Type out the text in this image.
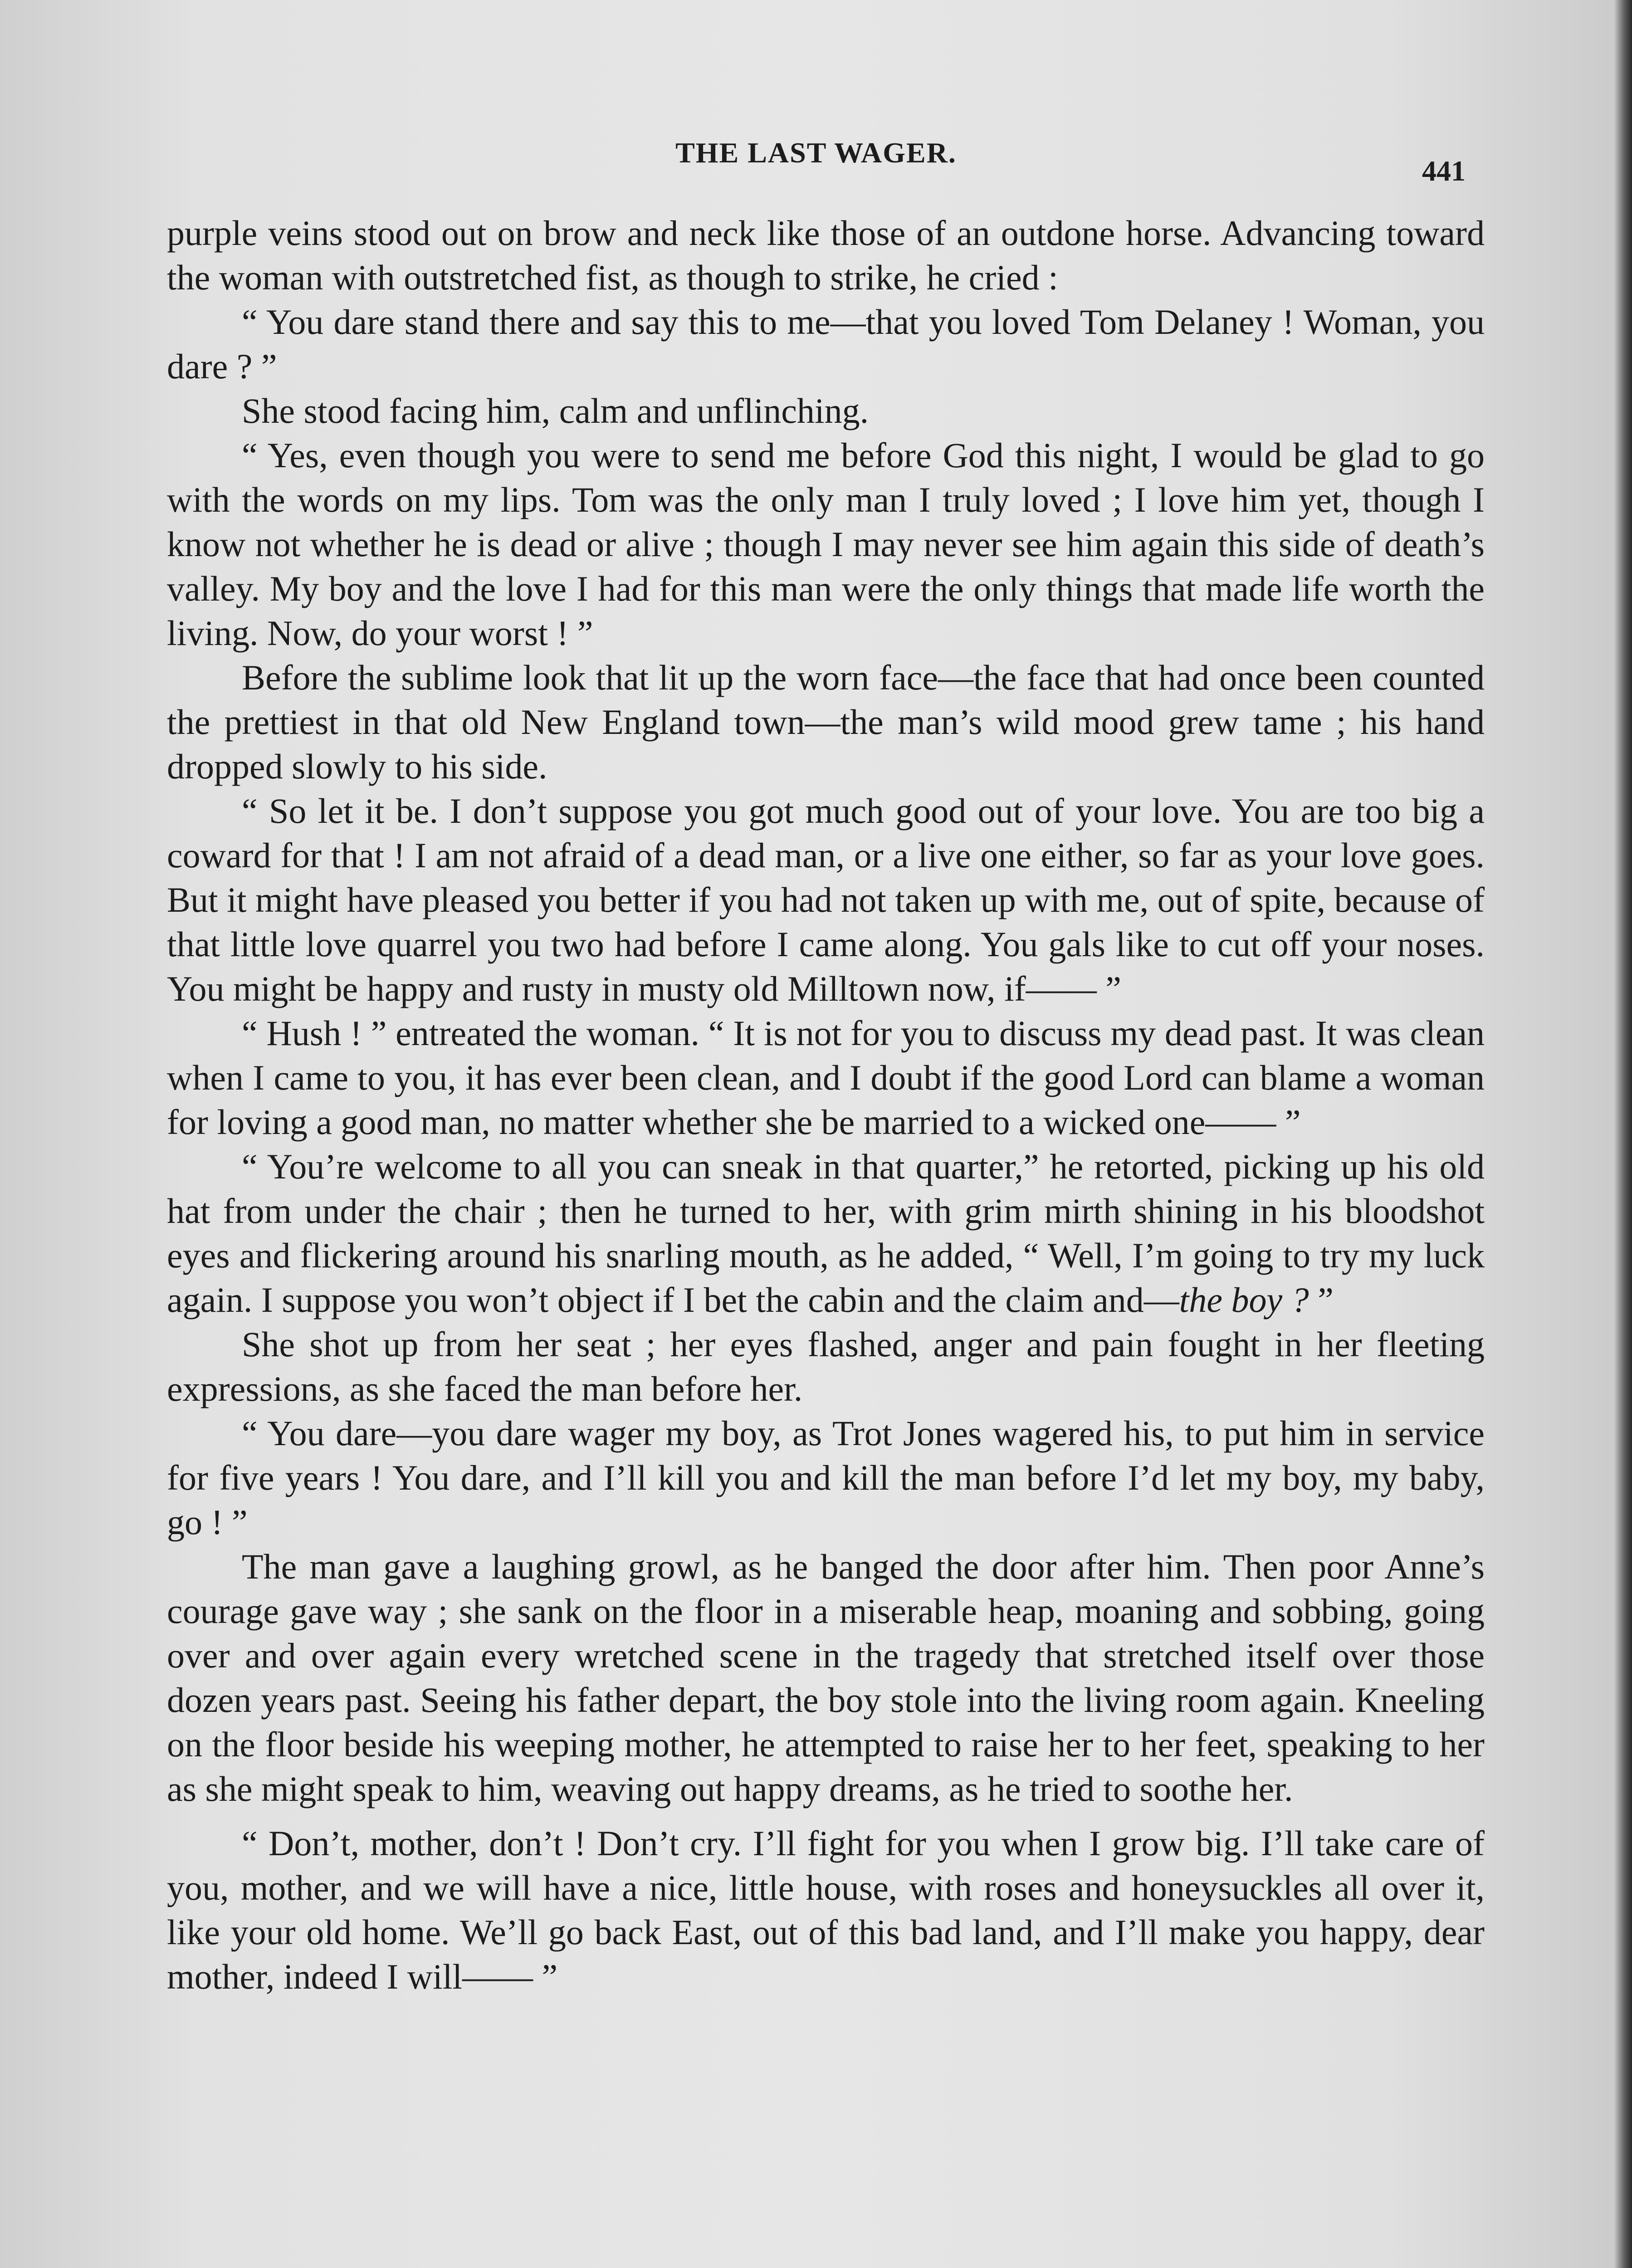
THE LAST WAGER.
441

purple veins stood out on brow and neck like those of an outdone horse. Advancing toward the woman with outstretched fist, as though to strike, he cried :

“ You dare stand there and say this to me—that you loved Tom Delaney ! Woman, you dare ? ”

She stood facing him, calm and unflinching.

“ Yes, even though you were to send me before God this night, I would be glad to go with the words on my lips. Tom was the only man I truly loved ; I love him yet, though I know not whether he is dead or alive ; though I may never see him again this side of death’s valley. My boy and the love I had for this man were the only things that made life worth the living. Now, do your worst ! ”

Before the sublime look that lit up the worn face—the face that had once been counted the prettiest in that old New England town—the man’s wild mood grew tame ; his hand dropped slowly to his side.

“ So let it be. I don’t suppose you got much good out of your love. You are too big a coward for that ! I am not afraid of a dead man, or a live one either, so far as your love goes. But it might have pleased you better if you had not taken up with me, out of spite, because of that little love quarrel you two had before I came along. You gals like to cut off your noses. You might be happy and rusty in musty old Milltown now, if—— ”

“ Hush ! ” entreated the woman. “ It is not for you to discuss my dead past. It was clean when I came to you, it has ever been clean, and I doubt if the good Lord can blame a woman for loving a good man, no matter whether she be married to a wicked one—— ”

“ You’re welcome to all you can sneak in that quarter,” he retorted, picking up his old hat from under the chair ; then he turned to her, with grim mirth shining in his bloodshot eyes and flickering around his snarling mouth, as he added, “ Well, I’m going to try my luck again. I suppose you won’t object if I bet the cabin and the claim and—the boy ? ”

She shot up from her seat ; her eyes flashed, anger and pain fought in her fleeting expressions, as she faced the man before her.

“ You dare—you dare wager my boy, as Trot Jones wagered his, to put him in service for five years ! You dare, and I’ll kill you and kill the man before I’d let my boy, my baby, go ! ”

The man gave a laughing growl, as he banged the door after him. Then poor Anne’s courage gave way ; she sank on the floor in a miserable heap, moaning and sobbing, going over and over again every wretched scene in the tragedy that stretched itself over those dozen years past. Seeing his father depart, the boy stole into the living room again. Kneeling on the floor beside his weeping mother, he attempted to raise her to her feet, speaking to her as she might speak to him, weaving out happy dreams, as he tried to soothe her.

“ Don’t, mother, don’t ! Don’t cry. I’ll fight for you when I grow big. I’ll take care of you, mother, and we will have a nice, little house, with roses and honeysuckles all over it, like your old home. We’ll go back East, out of this bad land, and I’ll make you happy, dear mother, indeed I will—— ”
